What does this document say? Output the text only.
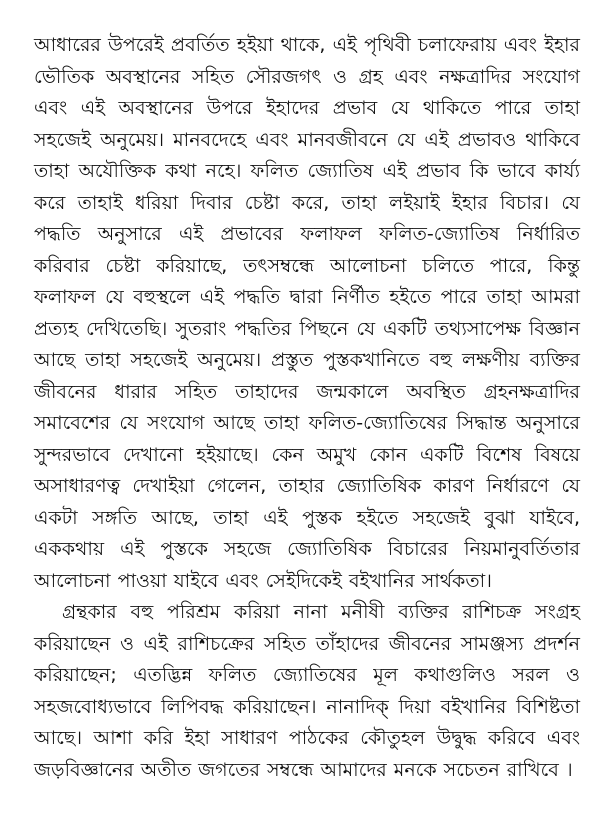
আধারের উপরেই প্রবর্তিত হইয়া থাকে, এই পৃথিবী চলাফেরায় এবং ইহার ভৌতিক অবস্থানের সহিত সৌরজগৎ ও গ্রহ এবং নক্ষত্রাদির সংযোগ এবং এই অবস্থানের উপরে ইহাদের প্রভাব যে থাকিতে পারে তাহা সহজেই অনুমেয়। মানবদেহে এবং মানবজীবনে যে এই প্রভাবও থাকিবে তাহা অযৌক্তিক কথা নহে। ফলিত জ্যোতিষ এই প্রভাব কি ভাবে কার্য্য করে তাহাই ধরিয়া দিবার চেষ্টা করে, তাহা লইয়াই ইহার বিচার। যে পদ্ধতি অনুসারে এই প্রভাবের ফলাফল ফলিত-জ্যোতিষ নির্ধারিত করিবার চেষ্টা করিয়াছে, তৎসম্বন্ধে আলোচনা চলিতে পারে, কিন্তু ফলাফল যে বহুস্থলে এই পদ্ধতি দ্বারা নির্ণীত হইতে পারে তাহা আমরা প্রত্যহ দেখিতেছি। সুতরাং পদ্ধতির পিছনে যে একটি তথ্যসাপেক্ষ বিজ্ঞান আছে তাহা সহজেই অনুমেয়। প্রস্তুত পুস্তকখানিতে বহু লক্ষণীয় ব্যক্তির জীবনের ধারার সহিত তাহাদের জন্মকালে অবস্থিত গ্রহনক্ষত্রাদির সমাবেশের যে সংযোগ আছে তাহা ফলিত-জ্যোতিষের সিদ্ধান্ত অনুসারে সুন্দরভাবে দেখানো হইয়াছে। কেন অমুখ কোন একটি বিশেষ বিষয়ে অসাধারণত্ব দেখাইয়া গেলেন, তাহার জ্যোতিষিক কারণ নির্ধারণে যে একটা সঙ্গতি আছে, তাহা এই পুস্তক হইতে সহজেই বুঝা যাইবে, এককথায় এই পুস্তকে সহজে জ্যোতিষিক বিচারের নিয়মানুবর্তিতার আলোচনা পাওয়া যাইবে এবং সেইদিকেই বইখানির সার্থকতা।

গ্রন্থকার বহু পরিশ্রম করিয়া নানা মনীষী ব্যক্তির রাশিচক্র সংগ্রহ করিয়াছেন ও এই রাশিচক্রের সহিত তাঁহাদের জীবনের সামঞ্জস্য প্রদর্শন করিয়াছেন; এতদ্ভিন্ন ফলিত জ্যোতিষের মূল কথাগুলিও সরল ও সহজবোধ্যভাবে লিপিবদ্ধ করিয়াছেন। নানাদিক্ দিয়া বইখানির বিশিষ্টতা আছে। আশা করি ইহা সাধারণ পাঠকের কৌতুহল উদ্বুদ্ধ করিবে এবং জড়বিজ্ঞানের অতীত জগতের সম্বন্ধে আমাদের মনকে সচেতন রাখিবে ।
